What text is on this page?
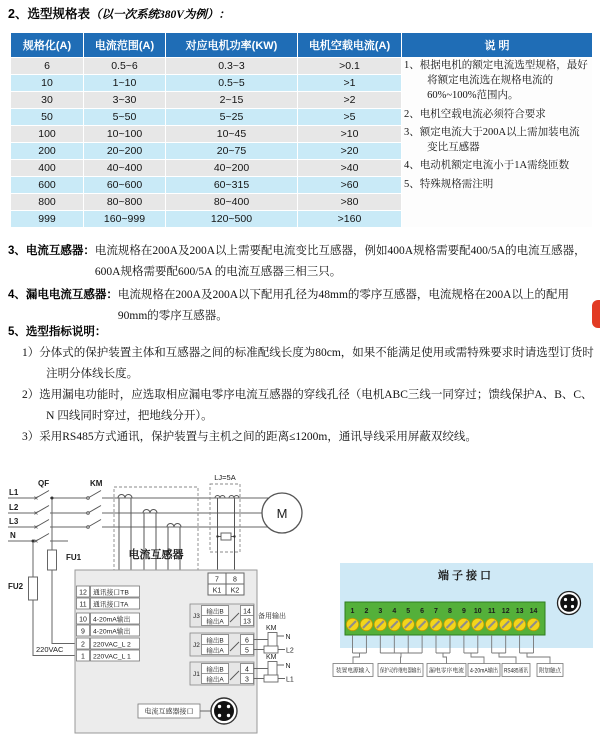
2、选型规格表（以一次系统380V为例）：
规格化(A)	电流范围(A)	对应电机功率(KW)	电机空载电流(A)	说 明
6	0.5~6	0.3~3	>0.1	1、根据电机的额定电流选型规格，最好将额定电流选在规格电流的60%~100%范围内。

2、电机空载电流必须符合要求

3、额定电流大于200A以上需加装电流变比互感器

4、电动机额定电流小于1A需绕匝数

5、特殊规格需注明

10	1~10	0.5~5	>1	
30	3~30	2~15	>2	
50	5~50	5~25	>5	
100	10~100	10~45	>10	
200	20~200	20~75	>20	
400	40~400	40~200	>40	
600	60~600	60~315	>60	
800	80~800	80~400	>80	
999	160~999	120~500	>160	
3、电流互感器： 电流规格在200A及200A以上需要配电流变比互感器，例如400A规格需要配400/5A的电流互感器，600A规格需要配600/5A 的电流互感器三相三只。
4、漏电电流互感器： 电流规格在200A及200A以下配用孔径为48mm的零序互感器，电流规格在200A以上的配用90mm的零序互感器。
5、选型指标说明：
1）分体式的保护装置主体和互感器之间的标准配线长度为80cm，如果不能满足使用或需特殊要求时请选型订货时注明分体线长度。
2）选用漏电功能时，应选取相应漏电零序电流互感器的穿线孔径（电机ABC三线一同穿过；馈线保护A、B、C、N 四线同时穿过，把地线分开）。
3）采用RS485方式通讯，保护装置与主机之间的距离≤1200m，通讯导线采用屏蔽双绞线。
L1
L2
L3
N
QF	KM
FU1
FU2
220VAC
电流互感器
LJ=5A
M
7 8
K1 K2
12 通讯接口TB
11 通讯接口TA
10 4-20mA输出
9 4-20mA输出
2 220VAC_L 2
1 220VAC_L 1
J3
输出B
输出A
14
13
备用输出
J2
输出B
输出A
6
5
KM
N
L2
J1
输出B
输出A
4
3
KM
N
L1
电流互感器接口
端子接口
1 2 3 4 5 6 7 8 9 10 11 12 13 14
装置电源输入 保护动作继电器输出
漏电零序电流 4-20mA输出 RS485通讯 附加触点
